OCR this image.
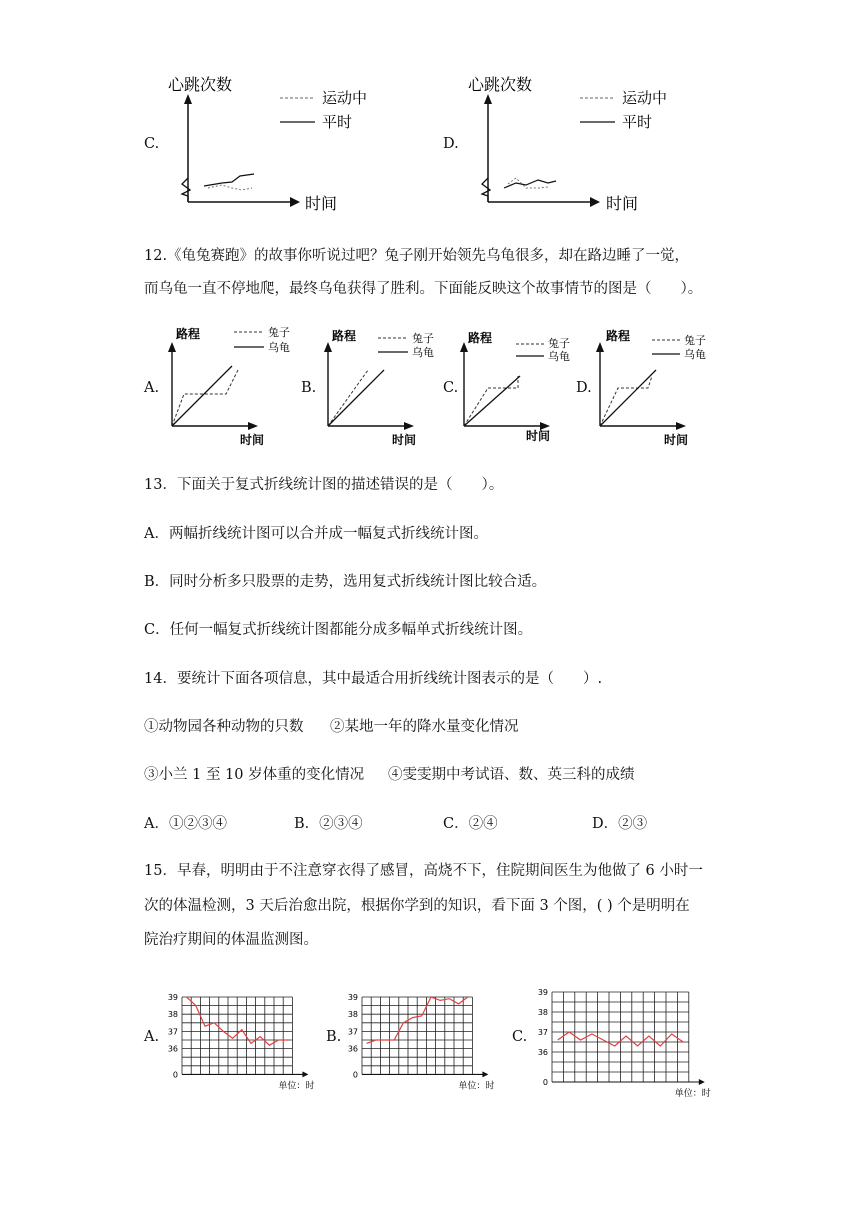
C.
心跳次数
时间
运动中
平时
D.
心跳次数
时间
运动中
平时
12.《龟兔赛跑》的故事你听说过吧？兔子刚开始领先乌龟很多，却在路边睡了一觉，
而乌龟一直不停地爬，最终乌龟获得了胜利。下面能反映这个故事情节的图是（　　）。
A.
路程
时间
兔子
乌龟
B.
路程
时间
兔子
乌龟
C.
路程
时间
兔子
乌龟
D.
路程
时间
兔子
乌龟
13．下面关于复式折线统计图的描述错误的是（　　）。
A．两幅折线统计图可以合并成一幅复式折线统计图。
B．同时分析多只股票的走势，选用复式折线统计图比较合适。
C．任何一幅复式折线统计图都能分成多幅单式折线统计图。
14．要统计下面各项信息，其中最适合用折线统计图表示的是（　　）.
①动物园各种动物的只数 ②某地一年的降水量变化情况
③小兰 1 至 10 岁体重的变化情况 ④雯雯期中考试语、数、英三科的成绩
A．①②③④	B．②③④	C．②④	D．②③
15．早春，明明由于不注意穿衣得了感冒，高烧不下，住院期间医生为他做了 6 小时一
次的体温检测，3 天后治愈出院，根据你学到的知识，看下面 3 个图，( ) 个是明明在
院治疗期间的体温监测图。
A.
39
38
37
36
0
单位：时
B.
39
38
37
36
0
单位：时
C.
39
38
37
36
0
单位：时
